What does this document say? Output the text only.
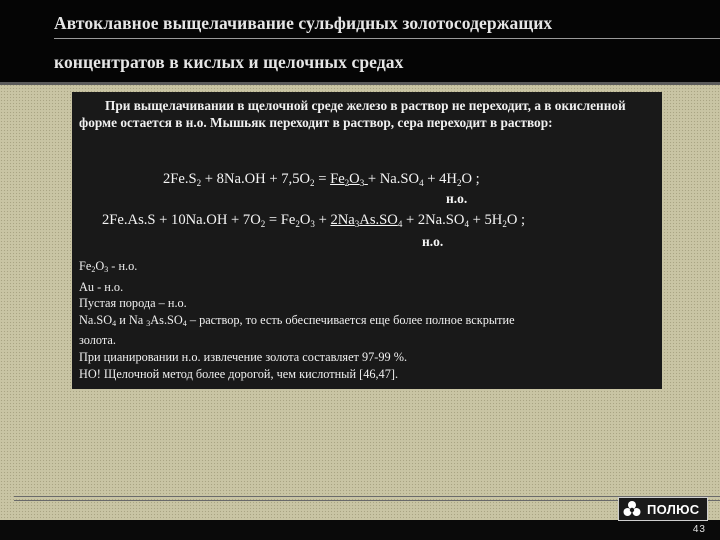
Автоклавное выщелачивание сульфидных золотосодержащих
концентратов в кислых и щелочных средах

При выщелачивании в щелочной среде железо в раствор не переходит, а в окисленной форме остается в н.о. Мышьяк переходит в раствор, сера переходит в раствор:

$2Fe.S_2 + 8Na.OH + 7,5O_2 = Fe_2O_3 + Na.SO_4 + 4H_2O$ ;
н.о.
$2Fe.As.S + 10Na.OH + 7O_2 = Fe_2O_3 + 2Na_3As.SO_4 + 2Na.SO_4 + 5H_2O$ ;
н.о.
$Fe_2O_3 - н.о$.
Au - н.о.
Пустая порода – н.о.
$Na.SO_4$ и Na $_3As.SO_4$ – раствор, то есть обеспечивается еще более полное вскрытие
золота.
При цианировании н.о. извлечение золота составляет 97-99 %.
НО! Щелочной метод более дорогой, чем кислотный [46,47].
ПОЛЮС
43
